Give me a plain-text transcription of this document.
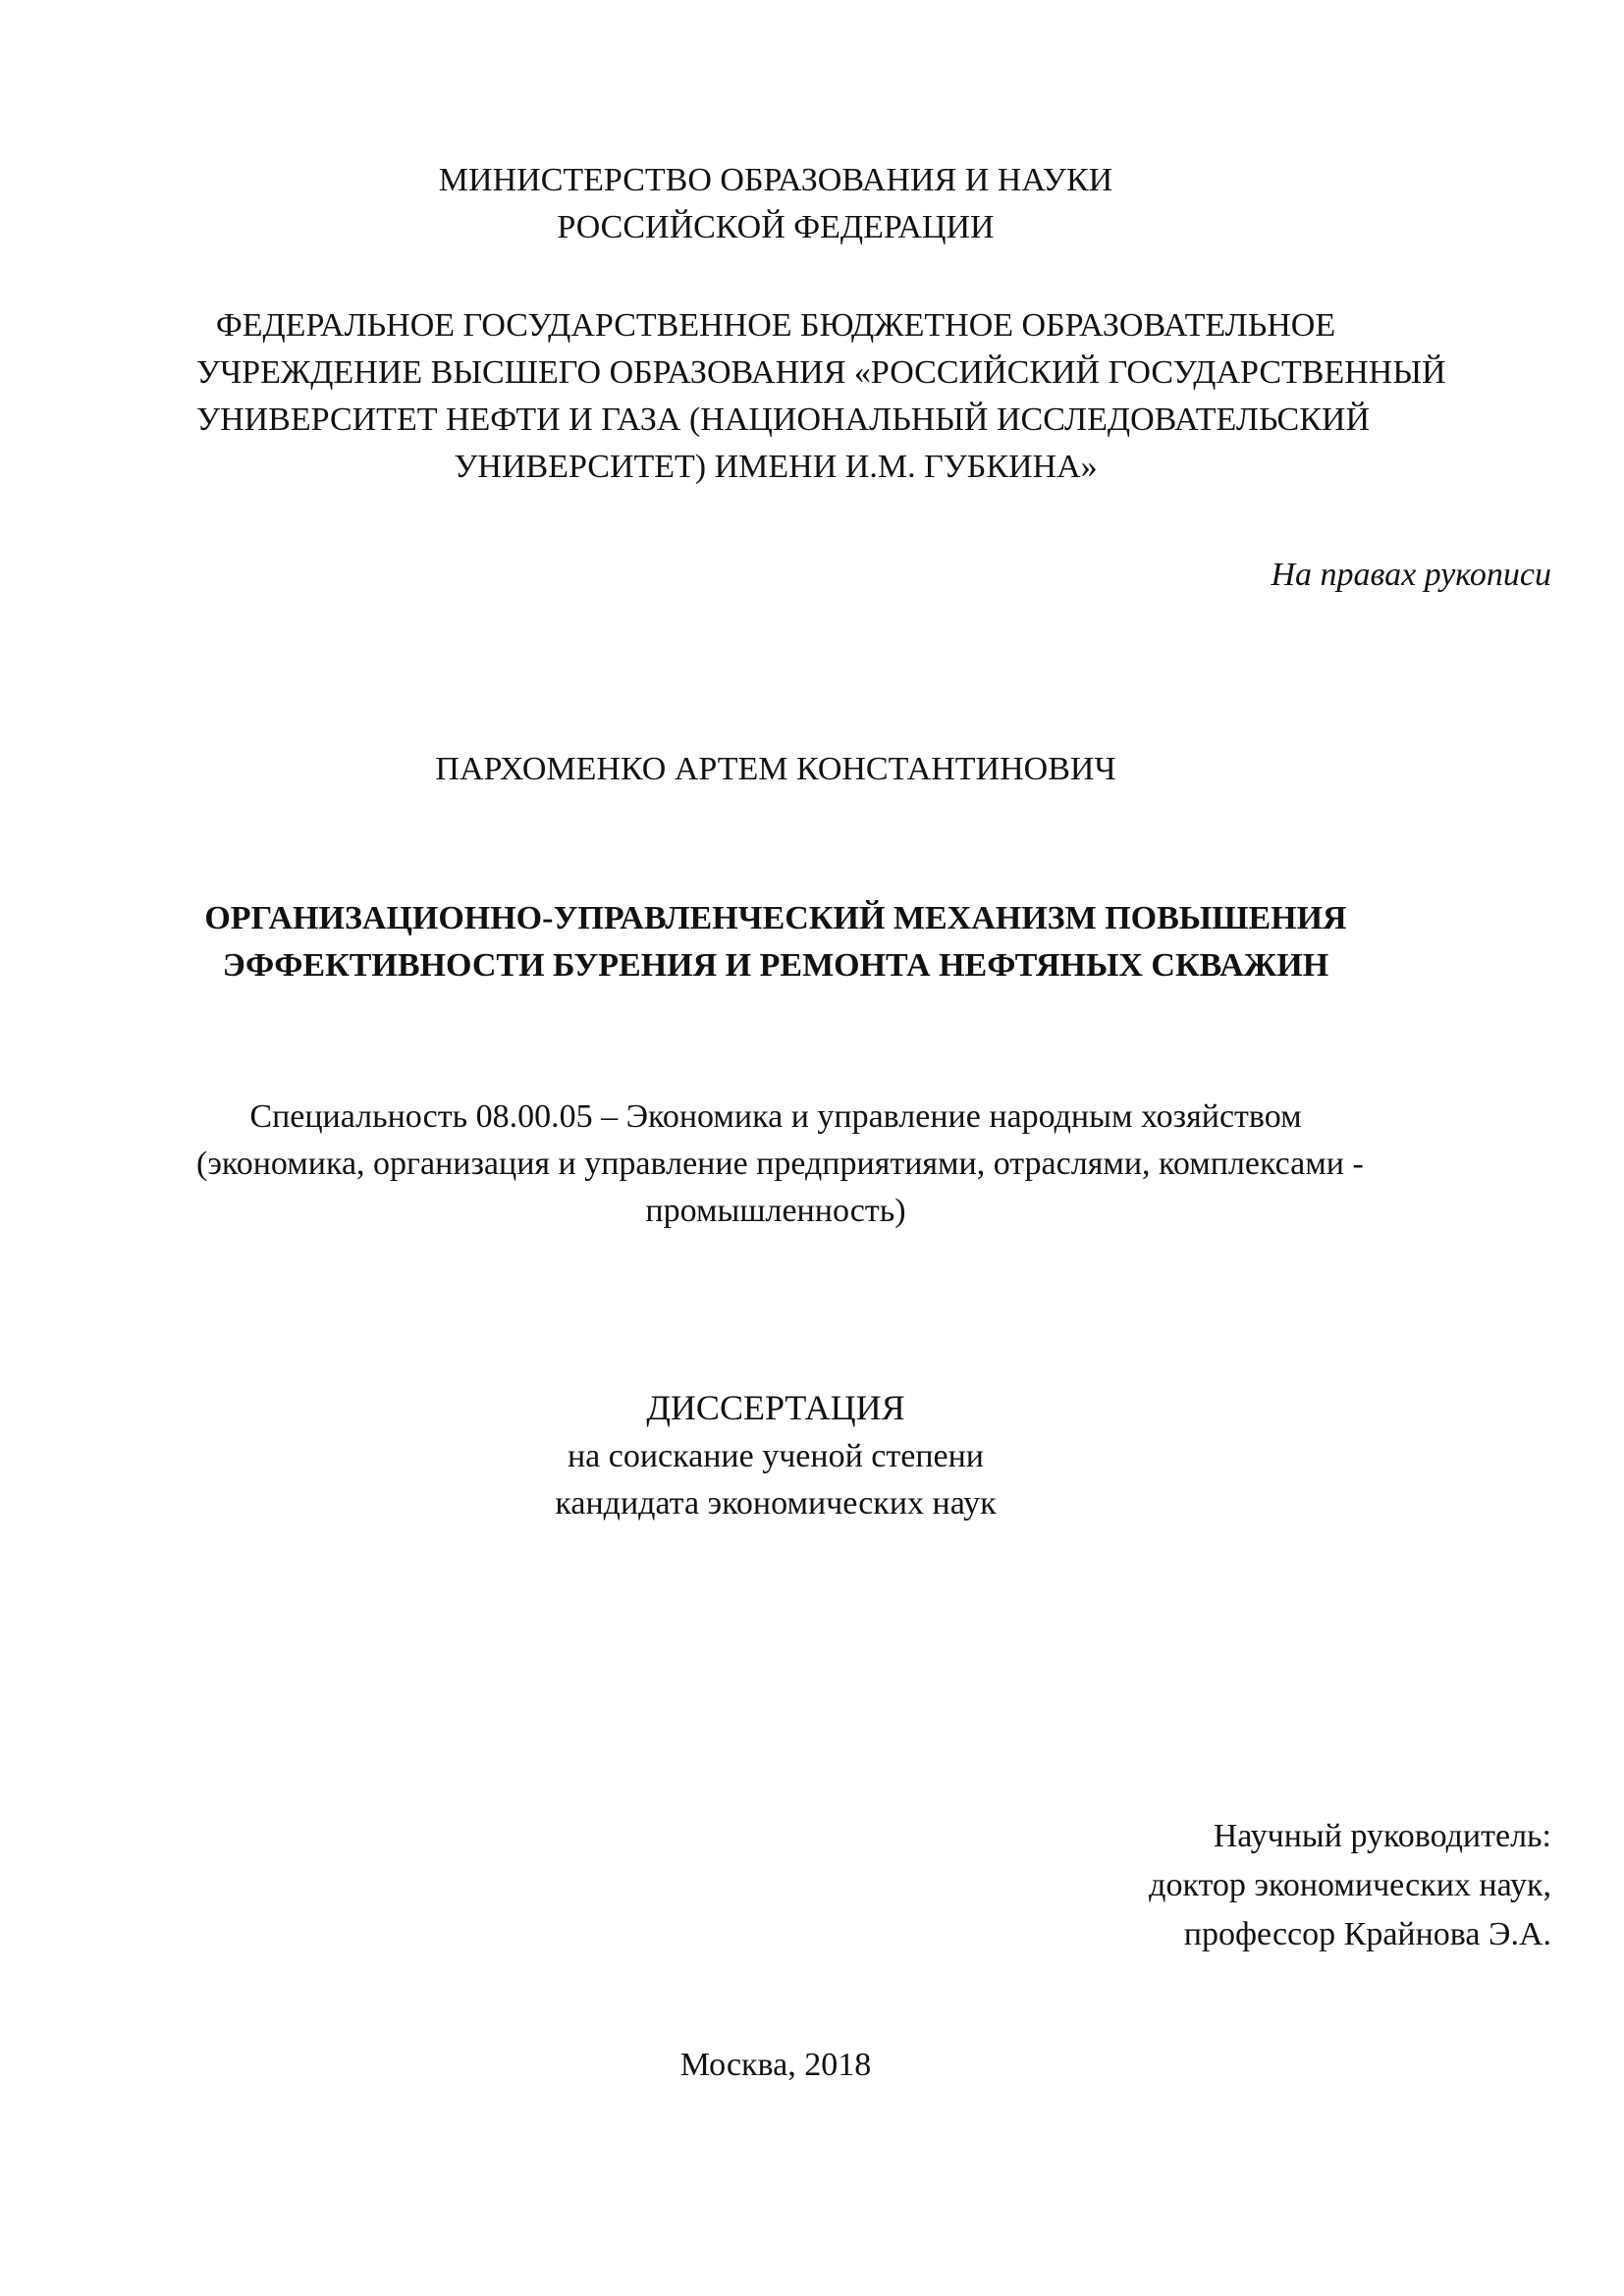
МИНИСТЕРСТВО ОБРАЗОВАНИЯ И НАУКИ
РОССИЙСКОЙ ФЕДЕРАЦИИ
ФЕДЕРАЛЬНОЕ ГОСУДАРСТВЕННОЕ БЮДЖЕТНОЕ ОБРАЗОВАТЕЛЬНОЕ
УЧРЕЖДЕНИЕ ВЫСШЕГО ОБРАЗОВАНИЯ «РОССИЙСКИЙ ГОСУДАРСТВЕННЫЙ
УНИВЕРСИТЕТ НЕФТИ И ГАЗА (НАЦИОНАЛЬНЫЙ ИССЛЕДОВАТЕЛЬСКИЙ
УНИВЕРСИТЕТ) ИМЕНИ И.М. ГУБКИНА»
На правах рукописи
ПАРХОМЕНКО АРТЕМ КОНСТАНТИНОВИЧ
ОРГАНИЗАЦИОННО-УПРАВЛЕНЧЕСКИЙ МЕХАНИЗМ ПОВЫШЕНИЯ
ЭФФЕКТИВНОСТИ БУРЕНИЯ И РЕМОНТА НЕФТЯНЫХ СКВАЖИН
Специальность 08.00.05 – Экономика и управление народным хозяйством
(экономика, организация и управление предприятиями, отраслями, комплексами -
промышленность)
ДИССЕРТАЦИЯ
на соискание ученой степени
кандидата экономических наук
Научный руководитель:
доктор экономических наук,
профессор Крайнова Э.А.
Москва, 2018
